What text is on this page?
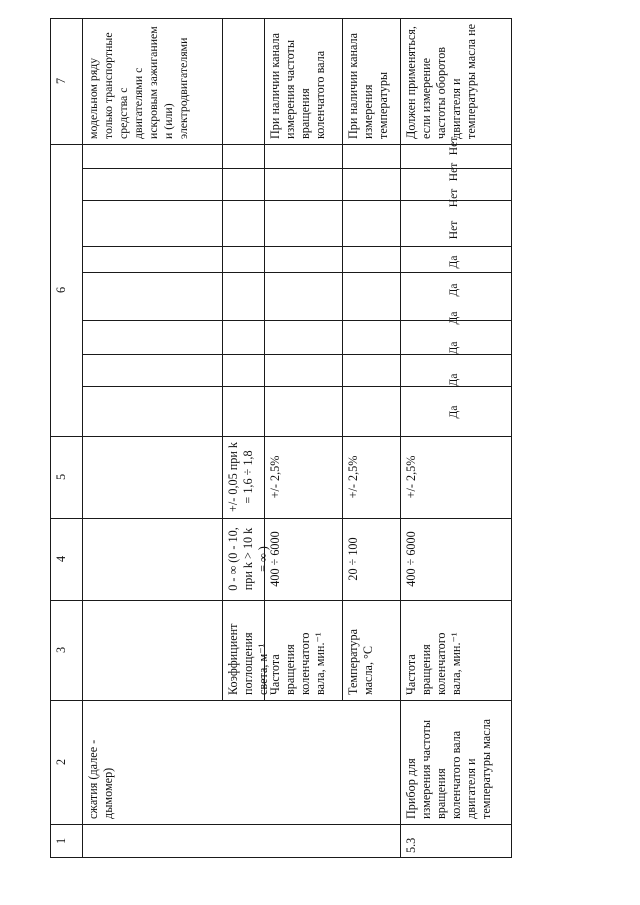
1
2
3
4
5
6
7
сжатия (далее - дымомер)
модельном ряду только транспортные средства с двигателями с искровым зажиганием и (или) электродвигателями
Коэффициент поглощения света, м⁻¹
0 - ∞ (0 - 10, при k > 10 k = ∞ )
+/- 0,05 при k = 1,6 ÷ 1,8
Частота вращения коленчатого вала, мин.⁻¹
400 ÷ 6000
+/- 2,5%
При наличии канала измерения частоты вращения коленчатого вала
Температура масла, °C
20 ÷ 100
+/- 2,5%
При наличии канала измерения температуры
5.3
Прибор для измерения частоты вращения коленчатого вала двигателя и температуры масла
Частота вращения коленчатого вала, мин.⁻¹
400 ÷ 6000
+/- 2,5%
Должен применяться, если измерение частоты оборотов двигателя и температуры масла не
Да
Да
Да
Да
Да
Да
Нет
Нет
Нет
Нет
